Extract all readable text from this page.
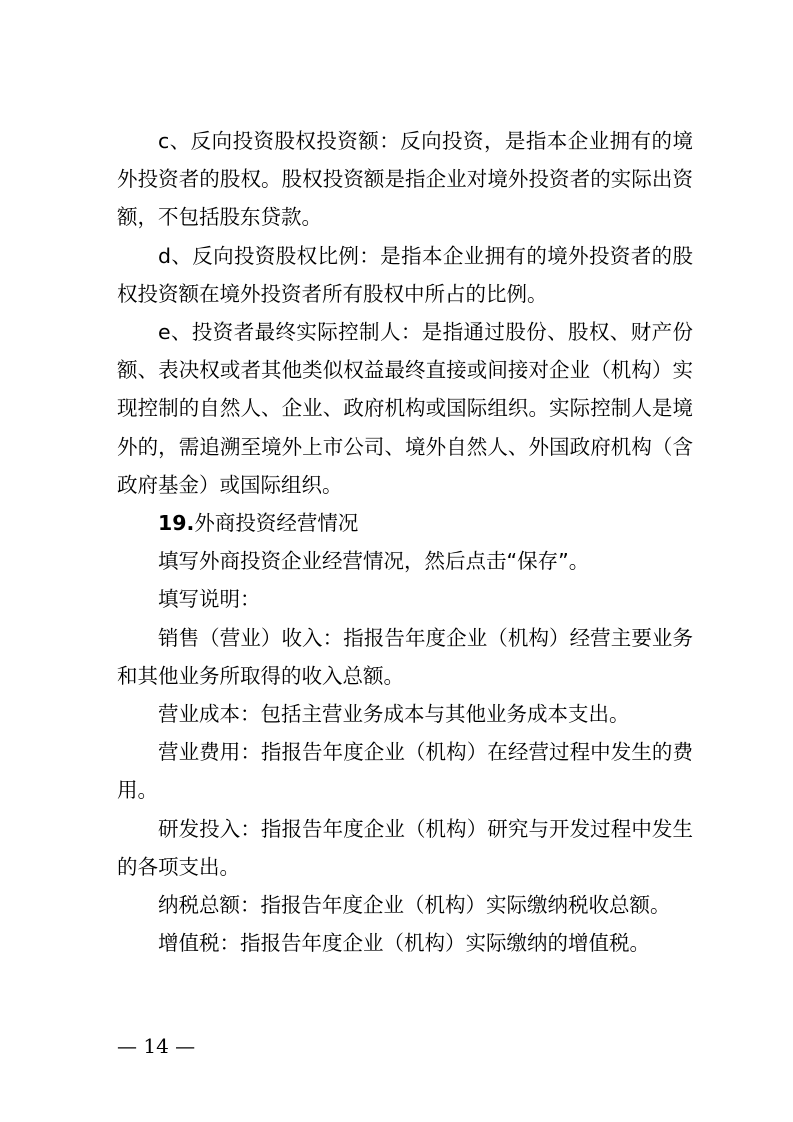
c、反向投资股权投资额：反向投资，是指本企业拥有的境外投资者的股权。股权投资额是指企业对境外投资者的实际出资额，不包括股东贷款。

d、反向投资股权比例：是指本企业拥有的境外投资者的股权投资额在境外投资者所有股权中所占的比例。

e、投资者最终实际控制人：是指通过股份、股权、财产份额、表决权或者其他类似权益最终直接或间接对企业（机构）实现控制的自然人、企业、政府机构或国际组织。实际控制人是境外的，需追溯至境外上市公司、境外自然人、外国政府机构（含政府基金）或国际组织。

19.外商投资经营情况

填写外商投资企业经营情况，然后点击“保存”。

填写说明：

销售（营业）收入：指报告年度企业（机构）经营主要业务和其他业务所取得的收入总额。

营业成本：包括主营业务成本与其他业务成本支出。

营业费用：指报告年度企业（机构）在经营过程中发生的费用。

研发投入：指报告年度企业（机构）研究与开发过程中发生的各项支出。

纳税总额：指报告年度企业（机构）实际缴纳税收总额。

增值税：指报告年度企业（机构）实际缴纳的增值税。

— 14 —
